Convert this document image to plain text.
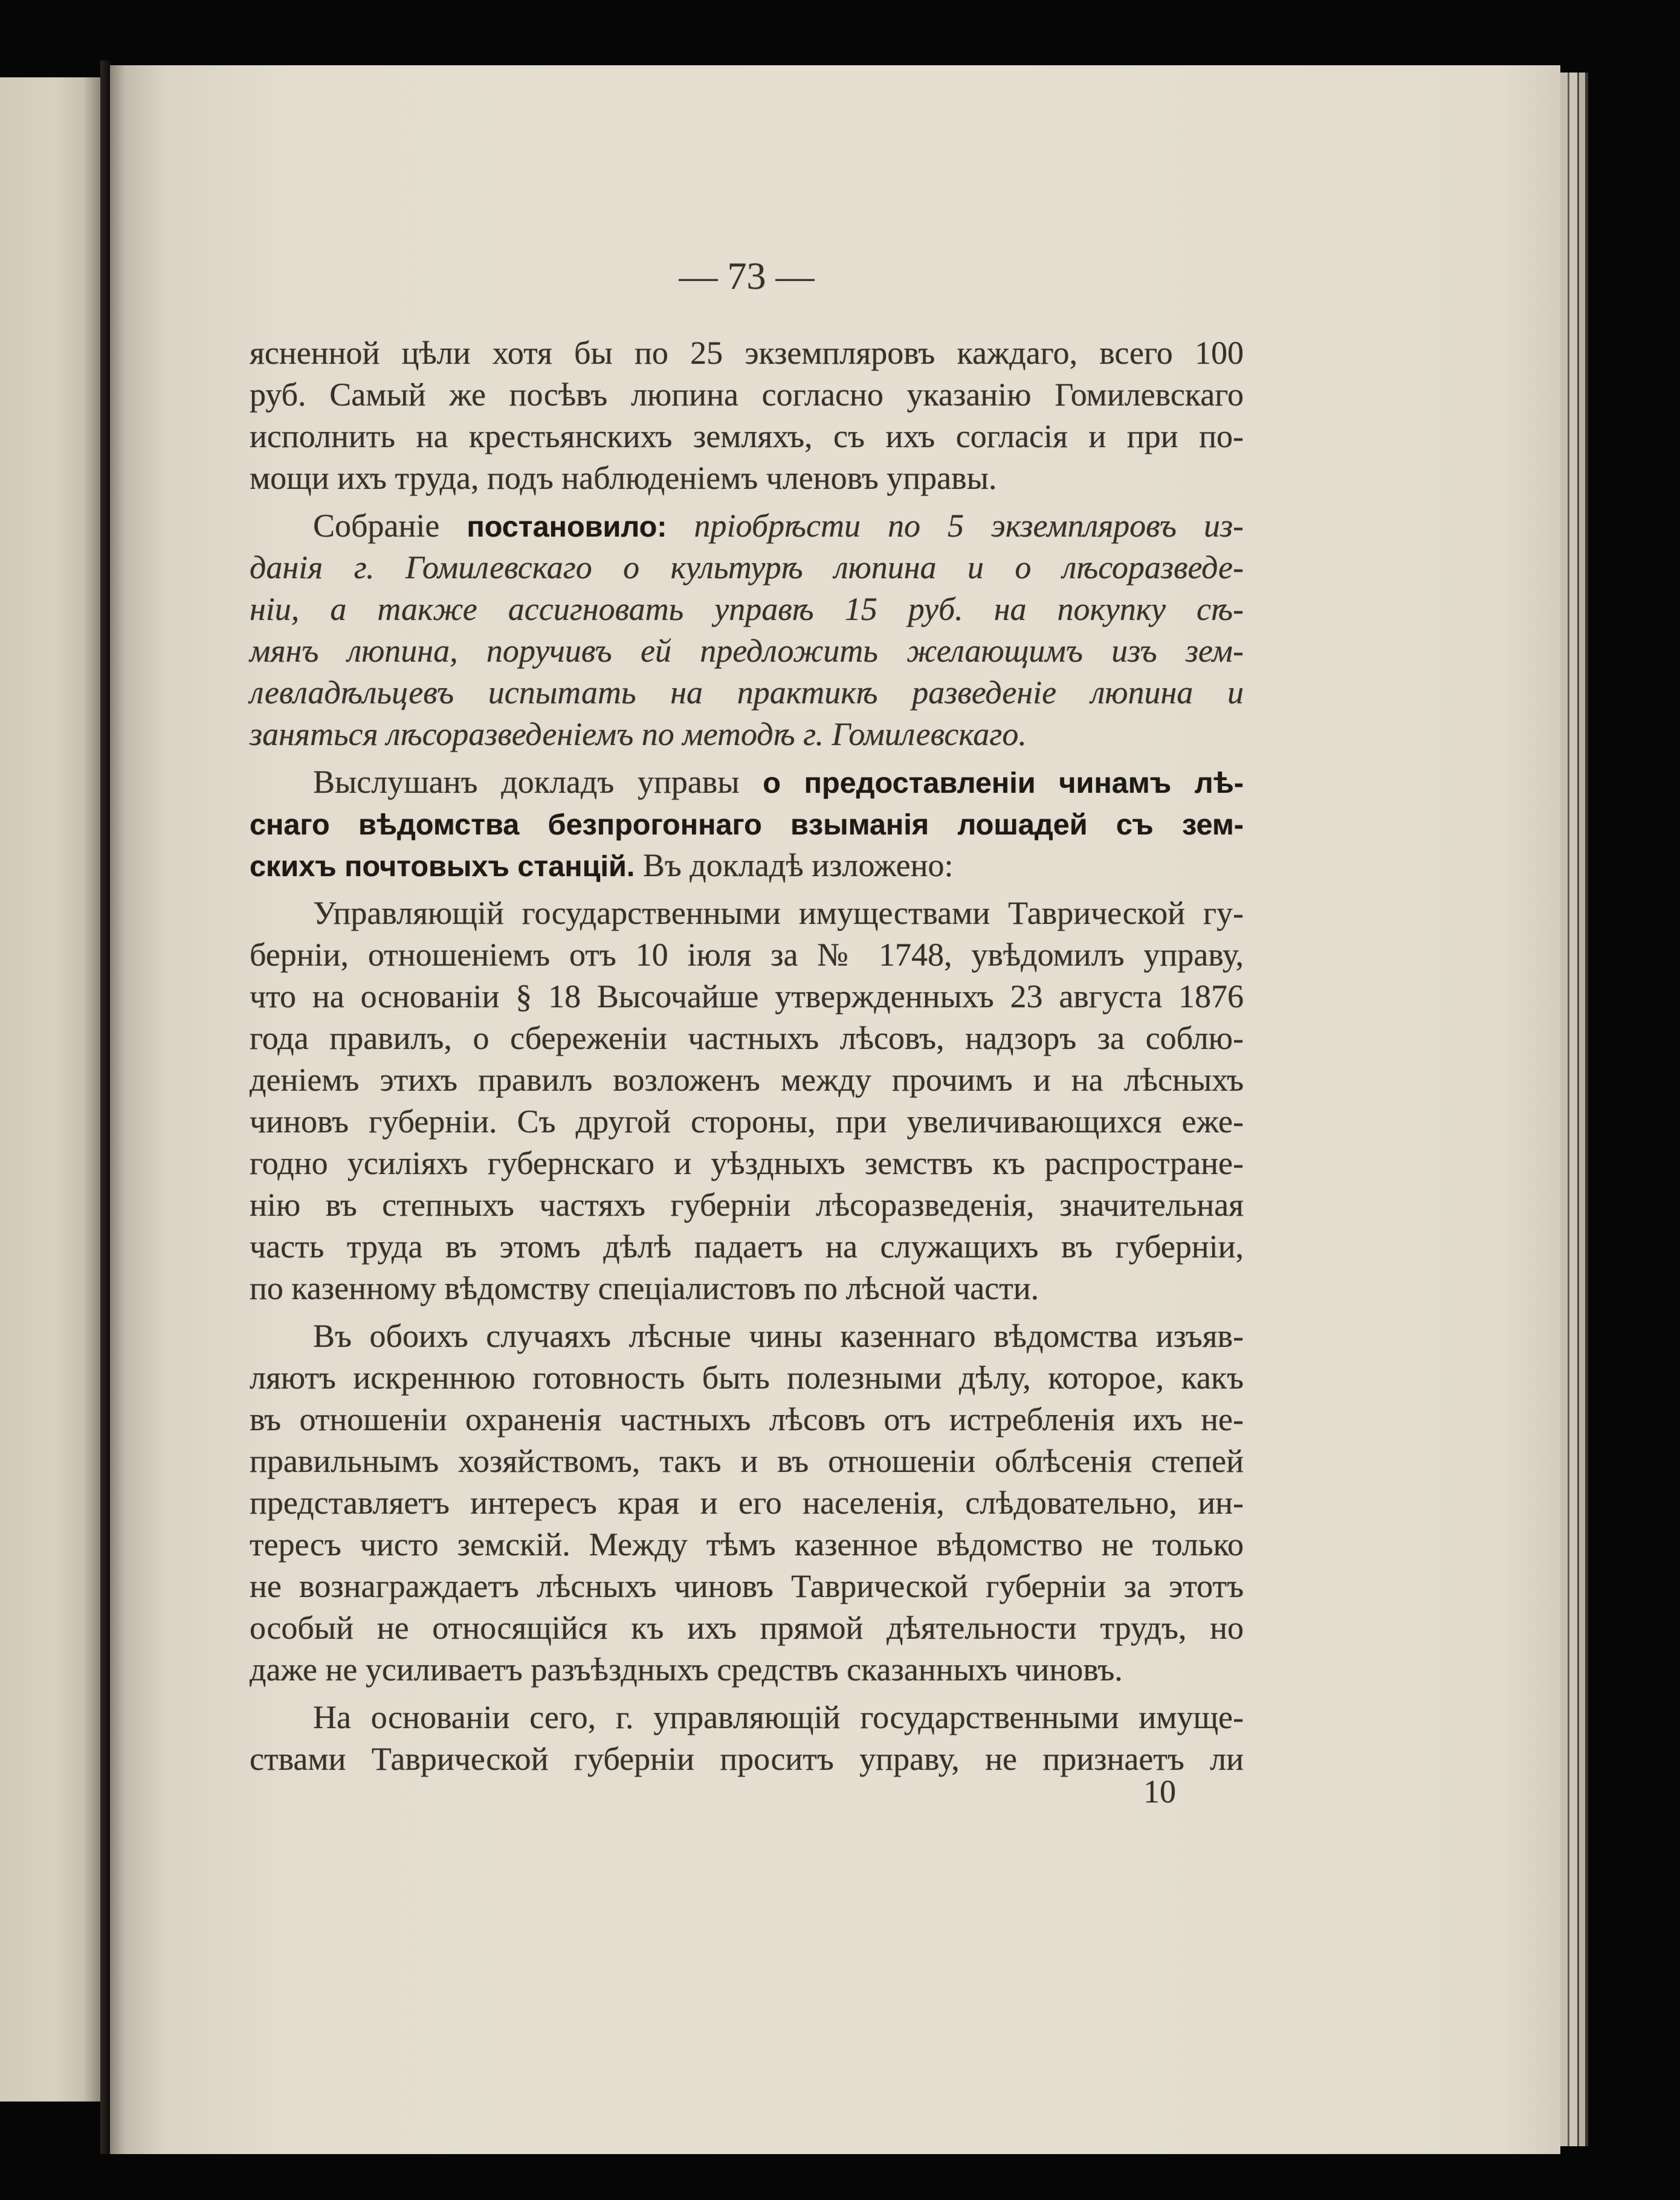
— 73 —
ясненной цѣли хотя бы по 25 экземпляровъ каждаго, всего 100
руб. Самый же посѣвъ люпина согласно указанію Гомилевскаго
исполнить на крестьянскихъ земляхъ, съ ихъ согласія и при по-
мощи ихъ труда, подъ наблюденіемъ членовъ управы.
Собраніе постановило: пріобрѣсти по 5 экземпляровъ из-
данія г. Гомилевскаго о культурѣ люпина и о лѣсоразведе-
ніи, а также ассигновать управѣ 15 руб. на покупку сѣ-
мянъ люпина, поручивъ ей предложить желающимъ изъ зем-
левладѣльцевъ испытать на практикѣ разведеніе люпина и
заняться лѣсоразведеніемъ по методѣ г. Гомилевскаго.
Выслушанъ докладъ управы о предоставленіи чинамъ лѣ-
снаго вѣдомства безпрогоннаго взыманія лошадей съ зем-
скихъ почтовыхъ станцій. Въ докладѣ изложено:
Управляющій государственными имуществами Таврической гу-
берніи, отношеніемъ отъ 10 іюля за № 1748, увѣдомилъ управу,
что на основаніи § 18 Высочайше утвержденныхъ 23 августа 1876
года правилъ, о сбереженіи частныхъ лѣсовъ, надзоръ за соблю-
деніемъ этихъ правилъ возложенъ между прочимъ и на лѣсныхъ
чиновъ губерніи. Съ другой стороны, при увеличивающихся еже-
годно усиліяхъ губернскаго и уѣздныхъ земствъ къ распростране-
нію въ степныхъ частяхъ губерніи лѣсоразведенія, значительная
часть труда въ этомъ дѣлѣ падаетъ на служащихъ въ губерніи,
по казенному вѣдомству спеціалистовъ по лѣсной части.
Въ обоихъ случаяхъ лѣсные чины казеннаго вѣдомства изъяв-
ляютъ искреннюю готовность быть полезными дѣлу, которое, какъ
въ отношеніи охраненія частныхъ лѣсовъ отъ истребленія ихъ не-
правильнымъ хозяйствомъ, такъ и въ отношеніи облѣсенія степей
представляетъ интересъ края и его населенія, слѣдовательно, ин-
тересъ чисто земскій. Между тѣмъ казенное вѣдомство не только
не вознаграждаетъ лѣсныхъ чиновъ Таврической губерніи за этотъ
особый не относящійся къ ихъ прямой дѣятельности трудъ, но
даже не усиливаетъ разъѣздныхъ средствъ сказанныхъ чиновъ.
На основаніи сего, г. управляющій государственными имуще-
ствами Таврической губерніи проситъ управу, не признаетъ ли
10
